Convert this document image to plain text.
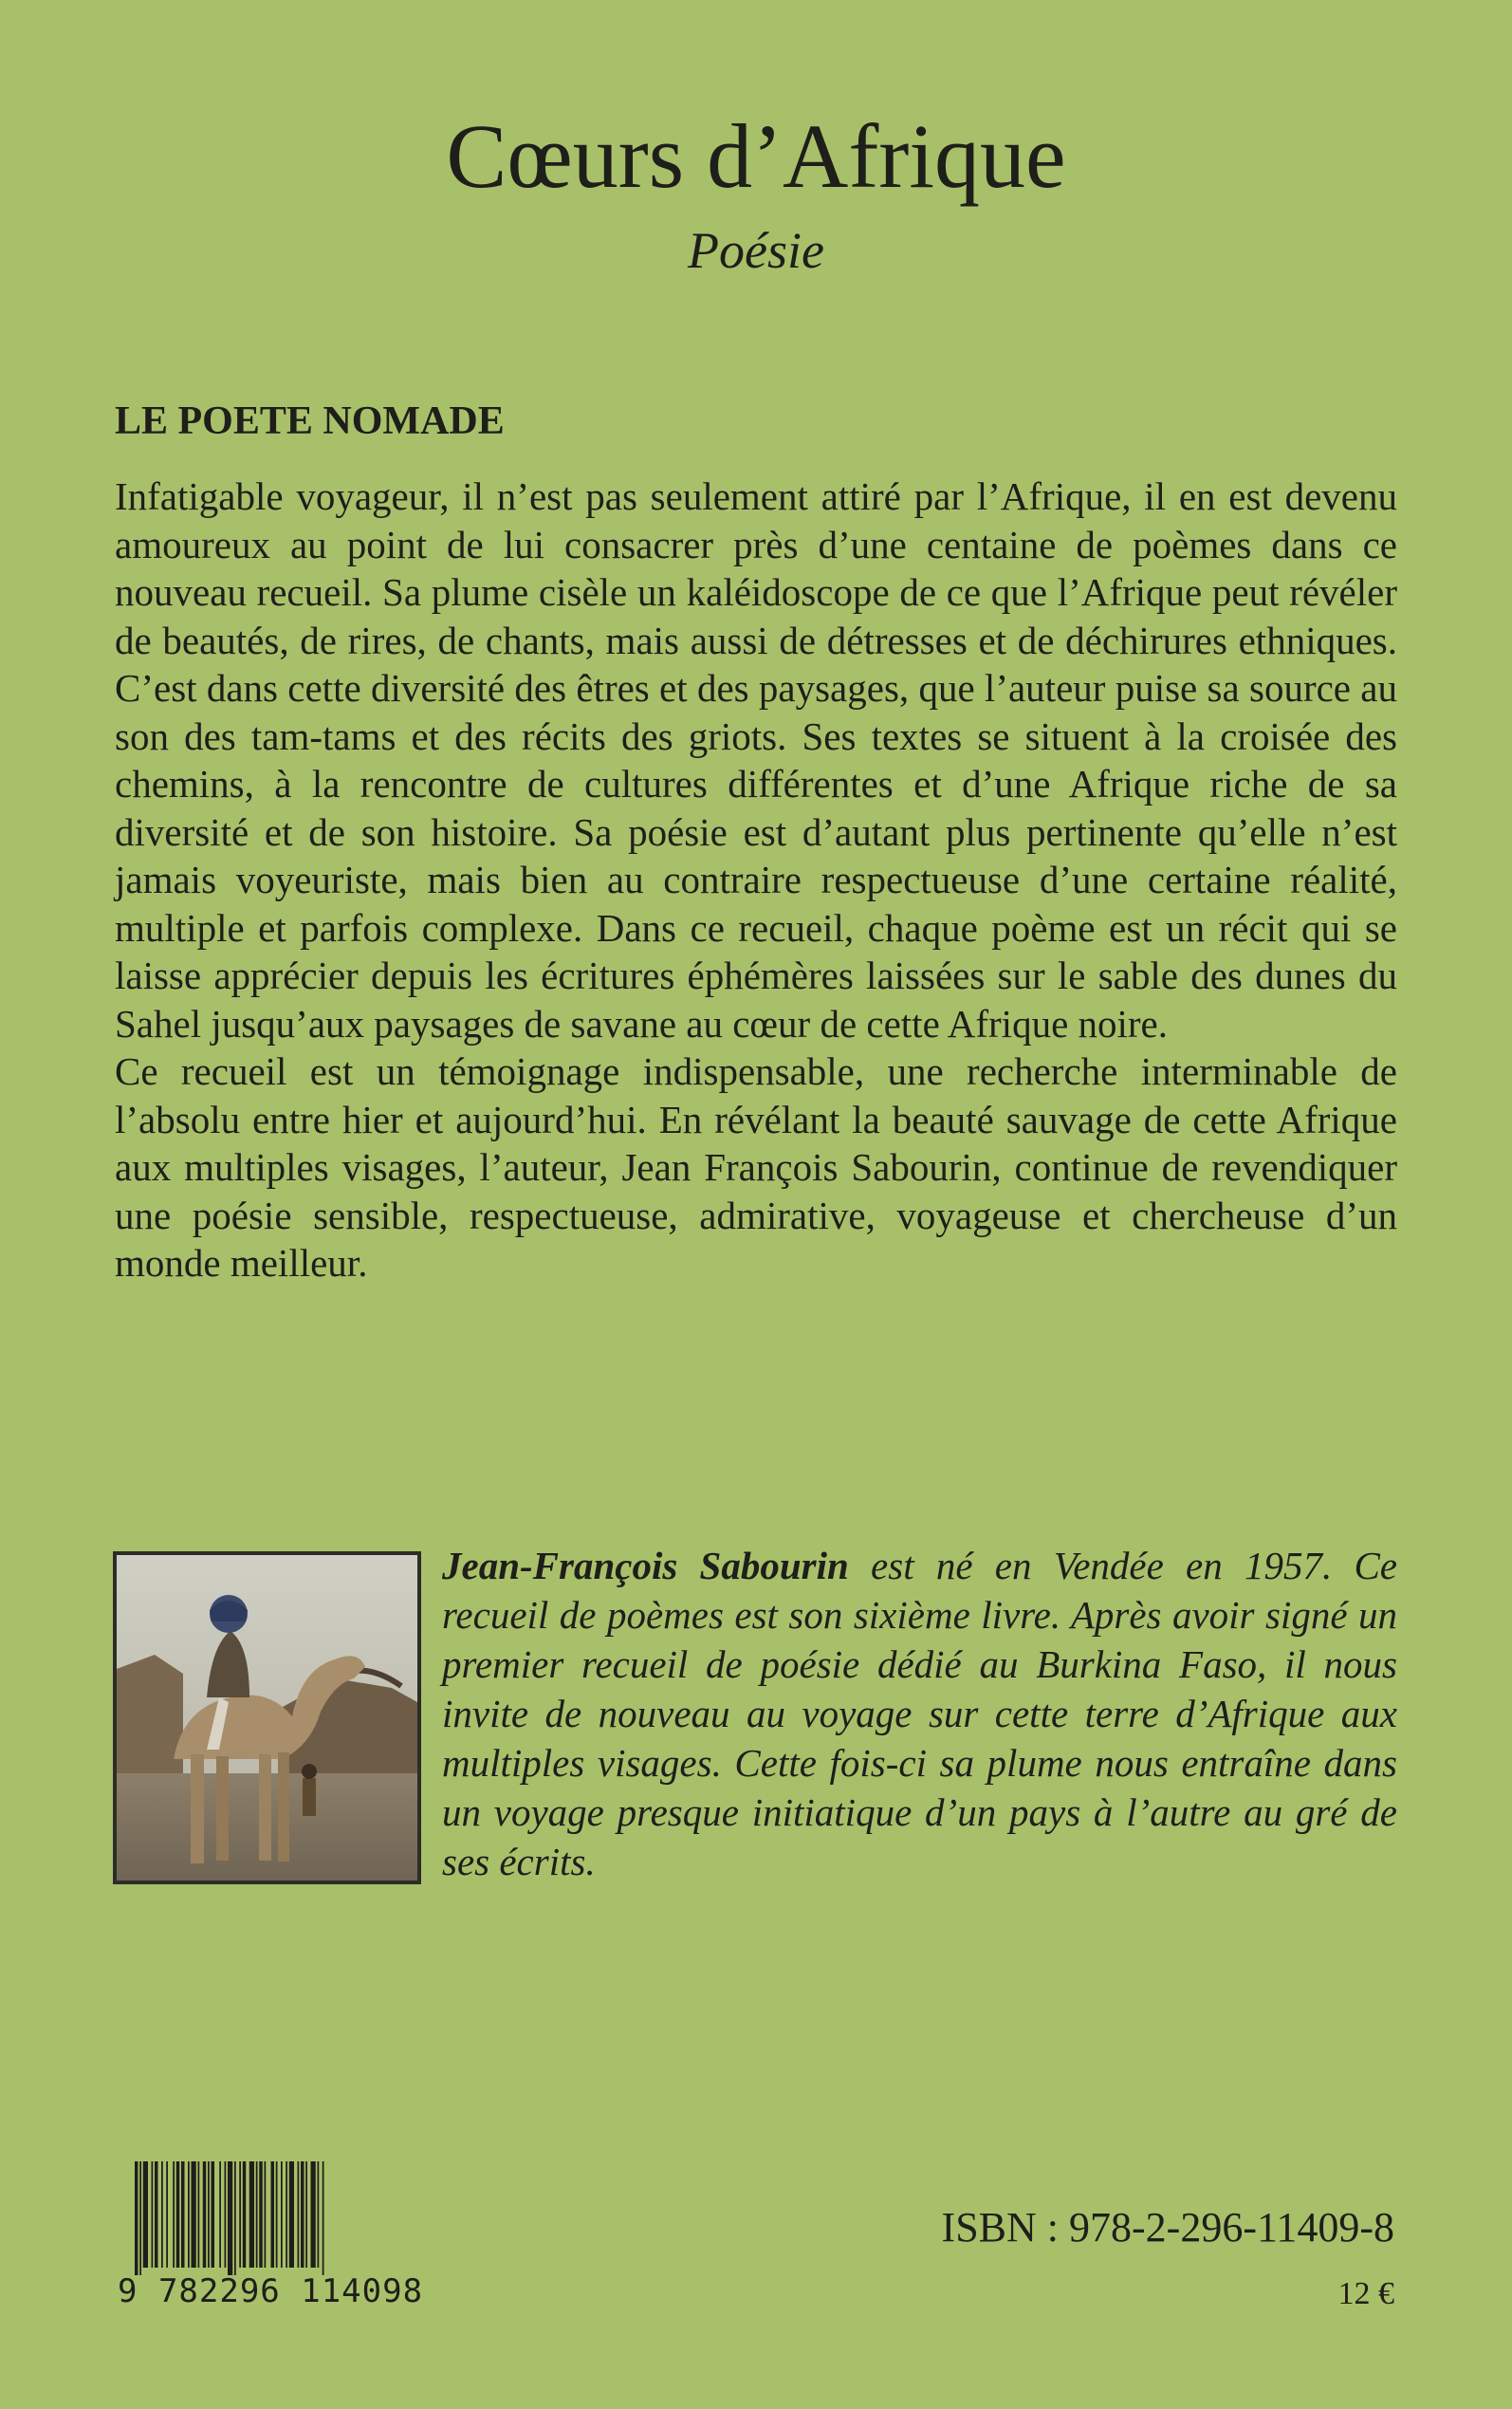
Cœurs d’Afrique
Poésie
LE POETE NOMADE

Infatigable voyageur, il n’est pas seulement attiré par l’Afrique, il en est devenu amoureux au point de lui consacrer près d’une centaine de poèmes dans ce nouveau recueil. Sa plume cisèle un kaléidoscope de ce que l’Afrique peut révéler de beautés, de rires, de chants, mais aussi de détresses et de déchirures ethniques. C’est dans cette diversité des êtres et des paysages, que l’auteur puise sa source au son des tam-tams et des récits des griots. Ses textes se situent à la croisée des chemins, à la rencontre de cultures différentes et d’une Afrique riche de sa diversité et de son histoire. Sa poésie est d’autant plus pertinente qu’elle n’est jamais voyeuriste, mais bien au contraire respectueuse d’une certaine réalité, multiple et parfois complexe. Dans ce recueil, chaque poème est un récit qui se laisse apprécier depuis les écritures éphémères laissées sur le sable des dunes du Sahel jusqu’aux paysages de savane au cœur de cette Afrique noire.

Ce recueil est un témoignage indispensable, une recherche interminable de l’absolu entre hier et aujourd’hui. En révélant la beauté sauvage de cette Afrique aux multiples visages, l’auteur, Jean François Sabourin, continue de revendiquer une poésie sensible, respectueuse, admirative, voyageuse et chercheuse d’un monde meilleur.

Jean-François Sabourin est né en Vendée en 1957. Ce recueil de poèmes est son sixième livre. Après avoir signé un premier recueil de poésie dédié au Burkina Faso, il nous invite de nouveau au voyage sur cette terre d’Afrique aux multiples visages. Cette fois-ci sa plume nous entraîne dans un voyage presque initiatique d’un pays à l’autre au gré de ses écrits.
9 782296 114098
ISBN : 978-2-296-11409-8
12 €
